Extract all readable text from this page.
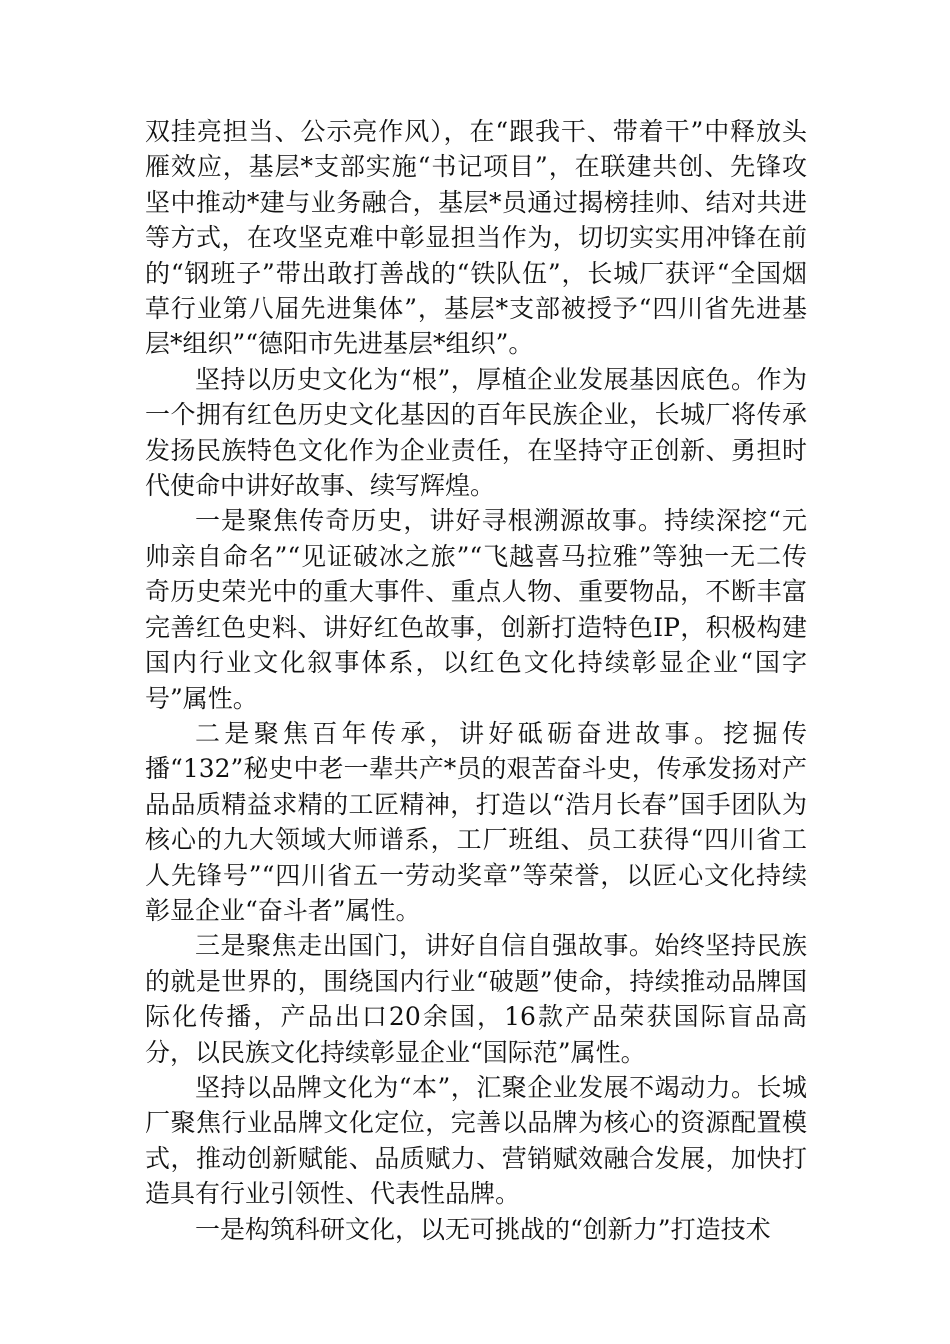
双挂亮担当、公示亮作风），在“跟我干、带着干”中释放头雁效应，基层*支部实施“书记项目”，在联建共创、先锋攻坚中推动*建与业务融合，基层*员通过揭榜挂帅、结对共进等方式，在攻坚克难中彰显担当作为，切切实实用冲锋在前的“钢班子”带出敢打善战的“铁队伍”，长城厂获评“全国烟草行业第八届先进集体”，基层*支部被授予“四川省先进基层*组织”“德阳市先进基层*组织”。

坚持以历史文化为“根”，厚植企业发展基因底色。作为一个拥有红色历史文化基因的百年民族企业，长城厂将传承发扬民族特色文化作为企业责任，在坚持守正创新、勇担时代使命中讲好故事、续写辉煌。

一是聚焦传奇历史，讲好寻根溯源故事。持续深挖“元帅亲自命名”“见证破冰之旅”“飞越喜马拉雅”等独一无二传奇历史荣光中的重大事件、重点人物、重要物品，不断丰富完善红色史料、讲好红色故事，创新打造特色IP，积极构建国内行业文化叙事体系，以红色文化持续彰显企业“国字号”属性。

二是聚焦百年传承，讲好砥砺奋进故事。挖掘传播“132”秘史中老一辈共产*员的艰苦奋斗史，传承发扬对产品品质精益求精的工匠精神，打造以“浩月长春”国手团队为核心的九大领域大师谱系，工厂班组、员工获得“四川省工人先锋号”“四川省五一劳动奖章”等荣誉，以匠心文化持续彰显企业“奋斗者”属性。

三是聚焦走出国门，讲好自信自强故事。始终坚持民族的就是世界的，围绕国内行业“破题”使命，持续推动品牌国际化传播，产品出口20余国，16款产品荣获国际盲品高分，以民族文化持续彰显企业“国际范”属性。

坚持以品牌文化为“本”，汇聚企业发展不竭动力。长城厂聚焦行业品牌文化定位，完善以品牌为核心的资源配置模式，推动创新赋能、品质赋力、营销赋效融合发展，加快打造具有行业引领性、代表性品牌。

一是构筑科研文化，以无可挑战的“创新力”打造技术
